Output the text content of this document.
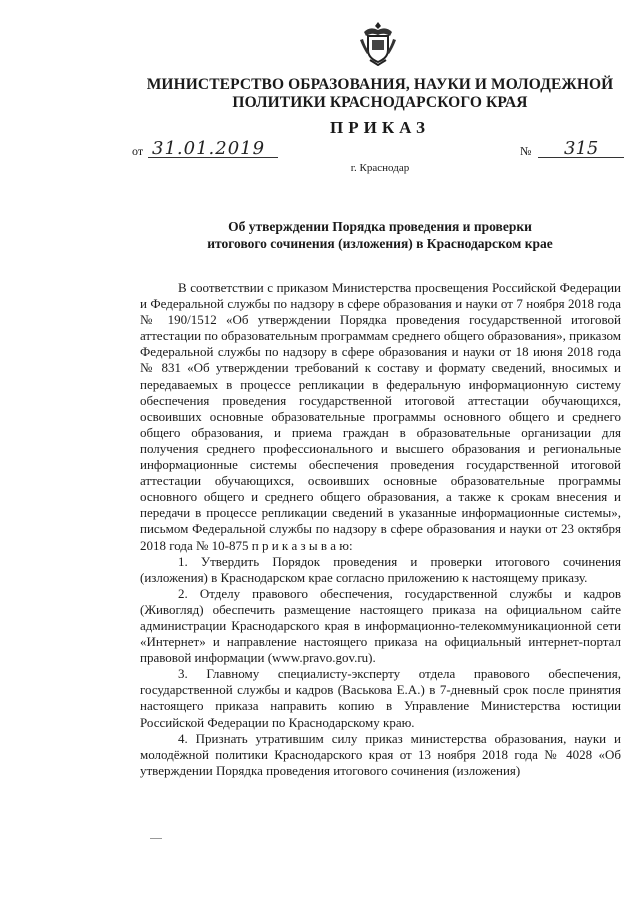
МИНИСТЕРСТВО ОБРАЗОВАНИЯ, НАУКИ И МОЛОДЕЖНОЙ
ПОЛИТИКИ КРАСНОДАРСКОГО КРАЯ
ПРИКАЗ
от 31.01.2019	№ 315
г. Краснодар
Об утверждении Порядка проведения и проверки
итогового сочинения (изложения) в Краснодарском крае

В соответствии с приказом Министерства просвещения Российской Федерации и Федеральной службы по надзору в сфере образования и науки от 7 ноября 2018 года № 190/1512 «Об утверждении Порядка проведения государственной итоговой аттестации по образовательным программам среднего общего образования», приказом Федеральной службы по надзору в сфере образования и науки от 18 июня 2018 года № 831 «Об утверждении требований к составу и формату сведений, вносимых и передаваемых в процессе репликации в федеральную информационную систему обеспечения проведения государственной итоговой аттестации обучающихся, освоивших основные образовательные программы основного общего и среднего общего образования, и приема граждан в образовательные организации для получения среднего профессионального и высшего образования и региональные информационные системы обеспечения проведения государственной итоговой аттестации обучающихся, освоивших основные образовательные программы основного общего и среднего общего образования, а также к срокам внесения и передачи в процессе репликации сведений в указанные информационные системы», письмом Федеральной службы по надзору в сфере образования и науки от 23 октября 2018 года № 10-875 п р и к а з ы в а ю:

1. Утвердить Порядок проведения и проверки итогового сочинения (изложения) в Краснодарском крае согласно приложению к настоящему приказу.

2. Отделу правового обеспечения, государственной службы и кадров (Живогляд) обеспечить размещение настоящего приказа на официальном сайте администрации Краснодарского края в информационно-телекоммуникационной сети «Интернет» и направление настоящего приказа на официальный интернет-портал правовой информации (www.pravo.gov.ru).

3. Главному специалисту-эксперту отдела правового обеспечения, государственной службы и кадров (Васькова Е.А.) в 7-дневный срок после принятия настоящего приказа направить копию в Управление Министерства юстиции Российской Федерации по Краснодарскому краю.

4. Признать утратившим силу приказ министерства образования, науки и молодёжной политики Краснодарского края от 13 ноября 2018 года № 4028 «Об утверждении Порядка проведения итогового сочинения (изложения)
